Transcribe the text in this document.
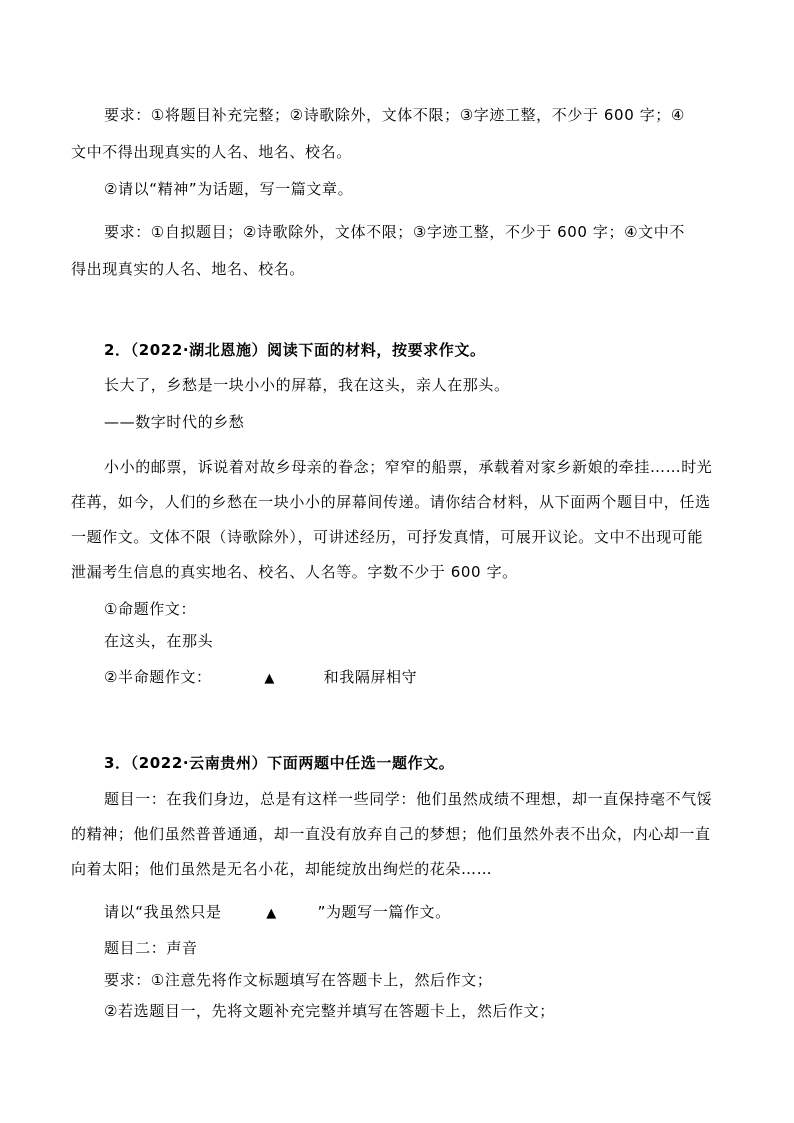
要求：①将题目补充完整；②诗歌除外，文体不限；③字迹工整，不少于 600 字；④
文中不得出现真实的人名、地名、校名。
②请以“精神”为话题，写一篇文章。
要求：①自拟题目；②诗歌除外，文体不限；③字迹工整，不少于 600 字；④文中不
得出现真实的人名、地名、校名。
2．（2022·湖北恩施）阅读下面的材料，按要求作文。
长大了，乡愁是一块小小的屏幕，我在这头，亲人在那头。
——数字时代的乡愁
小小的邮票，诉说着对故乡母亲的眷念；窄窄的船票，承载着对家乡新娘的牵挂……时光
荏苒，如今，人们的乡愁在一块小小的屏幕间传递。请你结合材料，从下面两个题目中，任选
一题作文。文体不限（诗歌除外），可讲述经历，可抒发真情，可展开议论。文中不出现可能
泄漏考生信息的真实地名、校名、人名等。字数不少于 600 字。
①命题作文：
在这头，在那头
②半命题作文：	▲	和我隔屏相守
3．（2022·云南贵州）下面两题中任选一题作文。
题目一：在我们身边，总是有这样一些同学：他们虽然成绩不理想，却一直保持毫不气馁
的精神；他们虽然普普通通，却一直没有放弃自己的梦想；他们虽然外表不出众，内心却一直
向着太阳；他们虽然是无名小花，却能绽放出绚烂的花朵……
请以“我虽然只是	▲	”为题写一篇作文。
题目二：声音
要求：①注意先将作文标题填写在答题卡上，然后作文；
②若选题目一，先将文题补充完整并填写在答题卡上，然后作文；
